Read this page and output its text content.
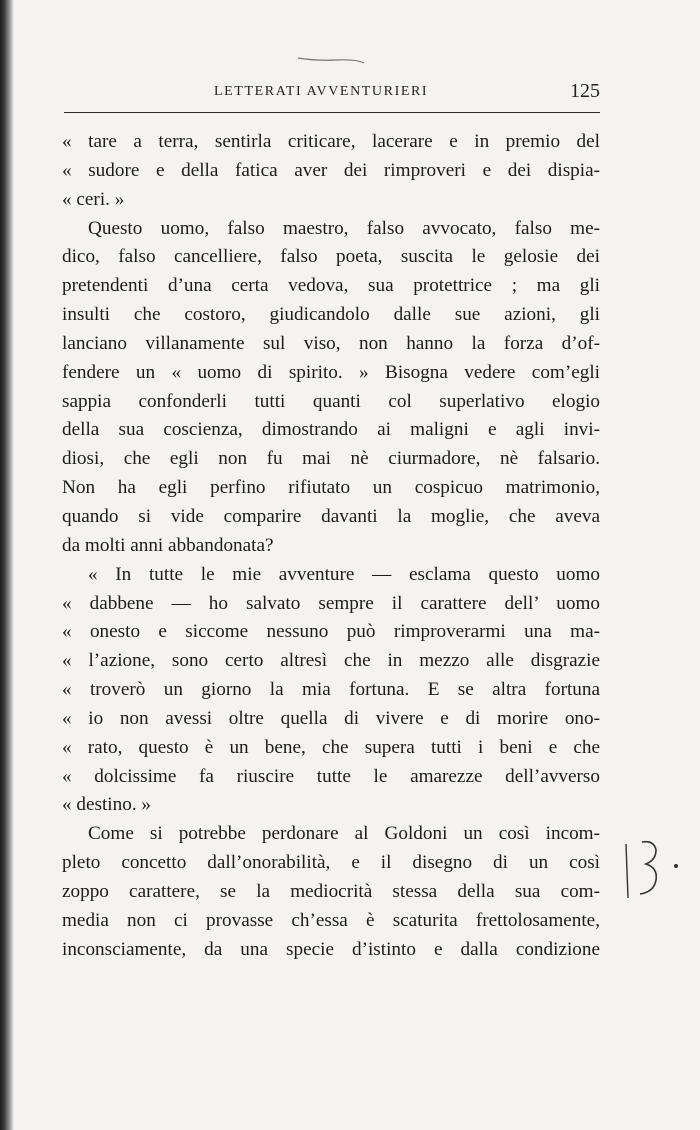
LETTERATI AVVENTURIERI	125
« tare a terra, sentirla criticare, lacerare e in premio del
« sudore e della fatica aver dei rimproveri e dei dispia-
« ceri. »
Questo uomo, falso maestro, falso avvocato, falso me-
dico, falso cancelliere, falso poeta, suscita le gelosie dei
pretendenti d’una certa vedova, sua protettrice ; ma gli
insulti che costoro, giudicandolo dalle sue azioni, gli
lanciano villanamente sul viso, non hanno la forza d’of-
fendere un « uomo di spirito. » Bisogna vedere com’egli
sappia confonderli tutti quanti col superlativo elogio
della sua coscienza, dimostrando ai maligni e agli invi-
diosi, che egli non fu mai nè ciurmadore, nè falsario.
Non ha egli perfino rifiutato un cospicuo matrimonio,
quando si vide comparire davanti la moglie, che aveva
da molti anni abbandonata?
« In tutte le mie avventure — esclama questo uomo
« dabbene — ho salvato sempre il carattere dell’ uomo
« onesto e siccome nessuno può rimproverarmi una ma-
« l’azione, sono certo altresì che in mezzo alle disgrazie
« troverò un giorno la mia fortuna. E se altra fortuna
« io non avessi oltre quella di vivere e di morire ono-
« rato, questo è un bene, che supera tutti i beni e che
« dolcissime fa riuscire tutte le amarezze dell’avverso
« destino. »
Come si potrebbe perdonare al Goldoni un così incom-
pleto concetto dall’onorabilità, e il disegno di un così
zoppo carattere, se la mediocrità stessa della sua com-
media non ci provasse ch’essa è scaturita frettolosamente,
inconsciamente, da una specie d’istinto e dalla condizione
